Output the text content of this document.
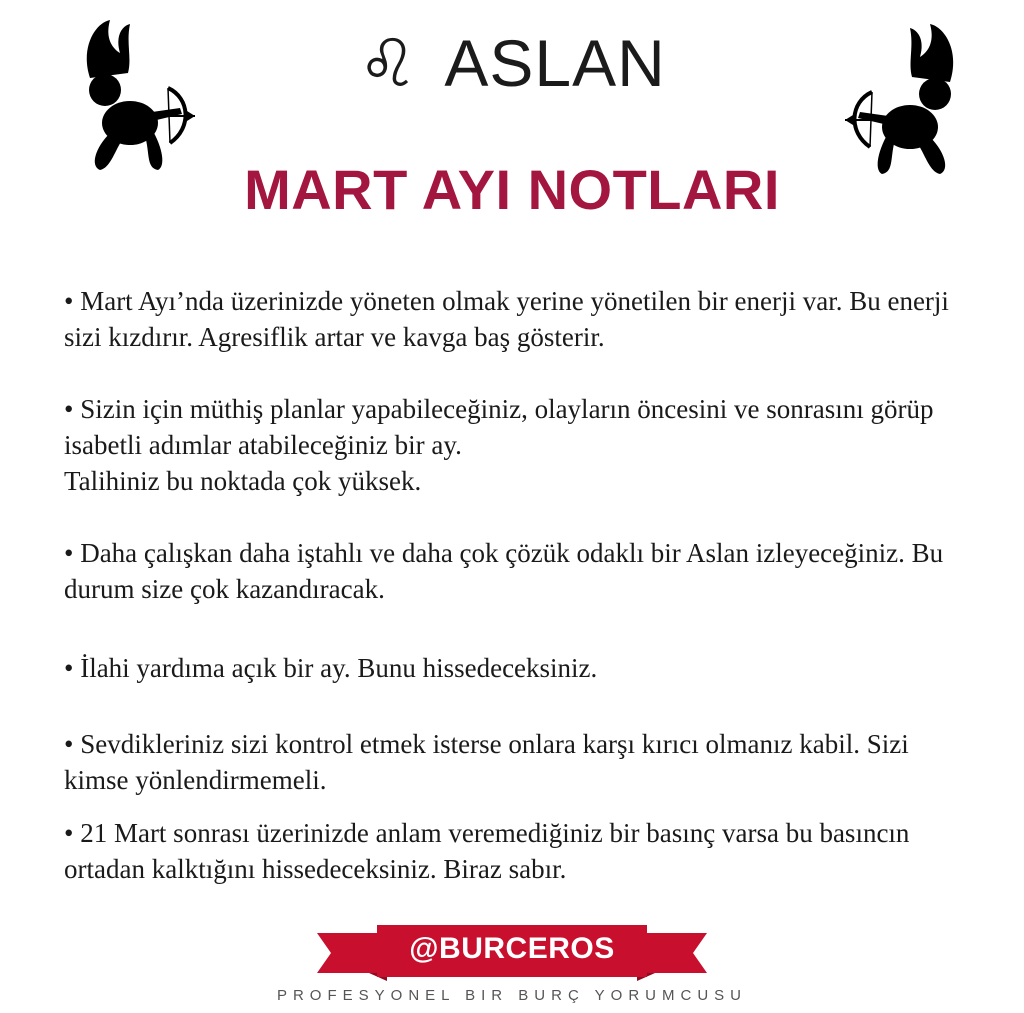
♌ ASLAN
MART AYI NOTLARI

• Mart Ayı’nda üzerinizde yöneten olmak yerine yönetilen bir enerji var. Bu enerji sizi kızdırır. Agresiflik artar ve kavga baş gösterir.

• Sizin için müthiş planlar yapabileceğiniz, olayların öncesini ve sonrasını görüp isabetli adımlar atabileceğiniz bir ay.
Talihiniz bu noktada çok yüksek.

• Daha çalışkan daha iştahlı ve daha çok çözük odaklı bir Aslan izleyeceğiniz. Bu durum size çok kazandıracak.

• İlahi yardıma açık bir ay. Bunu hissedeceksiniz.

• Sevdikleriniz sizi kontrol etmek isterse onlara karşı kırıcı olmanız kabil. Sizi kimse yönlendirmemeli.

• 21 Mart sonrası üzerinizde anlam veremediğiniz bir basınç varsa bu basıncın ortadan kalktığını hissedeceksiniz. Biraz sabır.

@BURCEROS
PROFESYONEL BIR BURÇ YORUMCUSU
